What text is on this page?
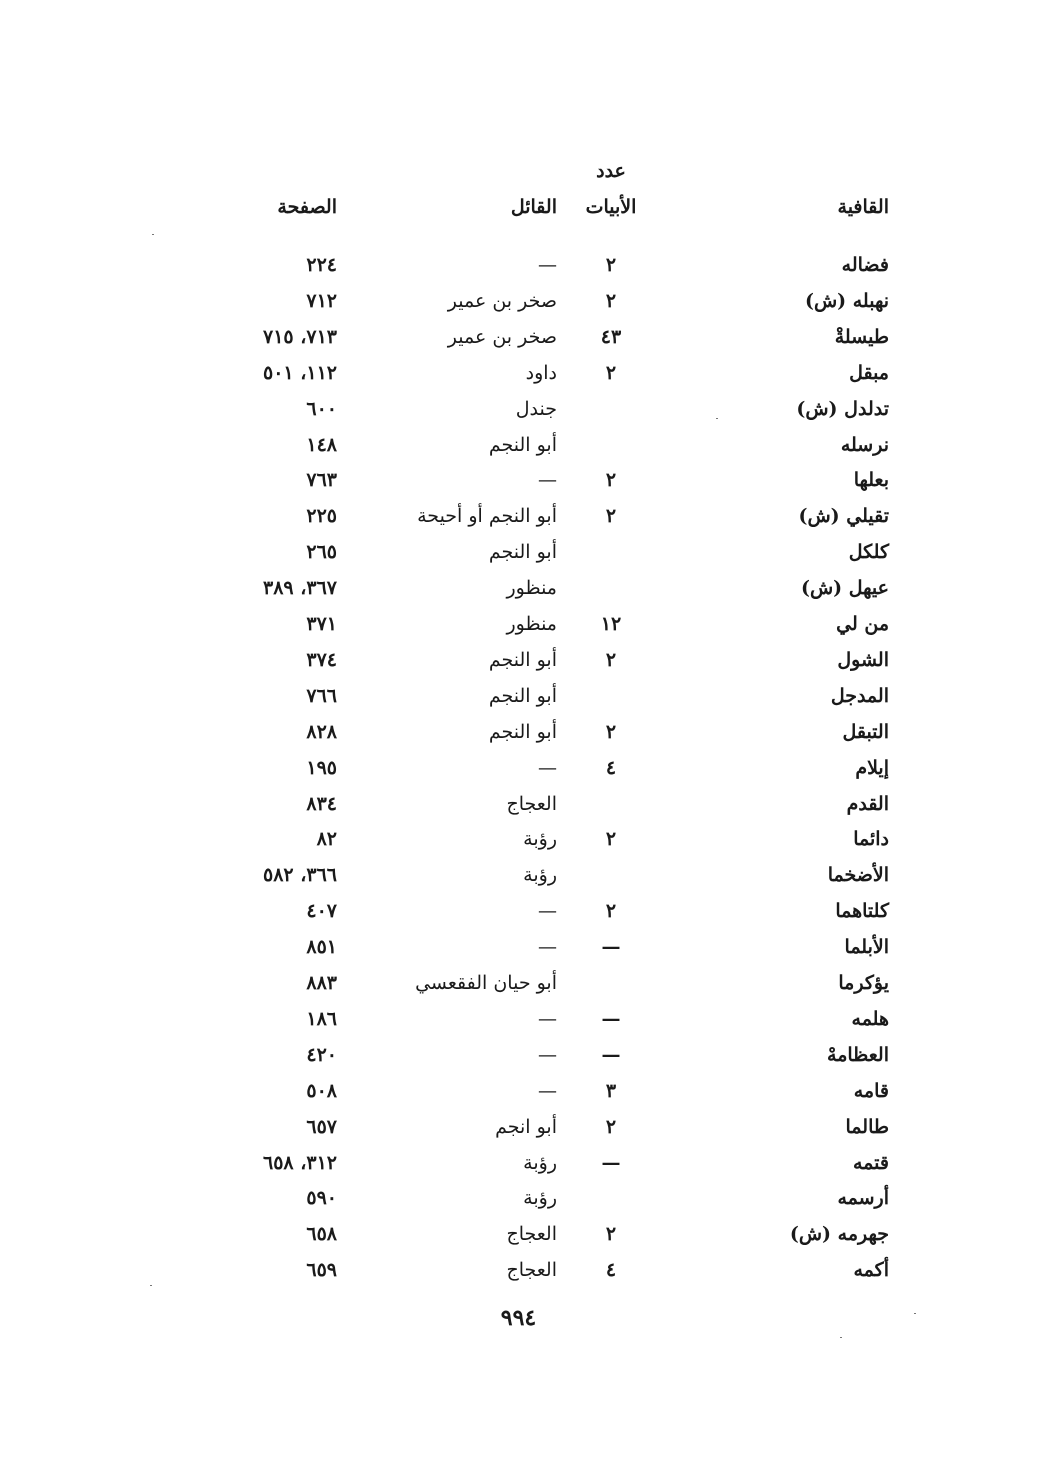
عدد
القافية
الأبيات
القائل
الصفحة
فضاله
٢
—
٢٢٤
نهبله (ش)
٢
صخر بن عمير
٧١٢
طيسلةْ
٤٣
صخر بن عمير
٧١٣، ٧١٥
مبقل
٢
داود
١١٢، ٥٠١
تدلدل (ش)
جندل
٦٠٠
نرسله
أبو النجم
١٤٨
بعلها
٢
—
٧٦٣
تقيلي (ش)
٢
أبو النجم أو أحيحة
٢٢٥
كلكل
أبو النجم
٢٦٥
عيهل (ش)
منظور
٣٦٧، ٣٨٩
من لي
١٢
منظور
٣٧١
الشول
٢
أبو النجم
٣٧٤
المدجل
أبو النجم
٧٦٦
التبقل
٢
أبو النجم
٨٢٨
إيلام
٤
—
١٩٥
القدم
العجاج
٨٣٤
دائما
٢
رؤبة
٨٢
الأضخما
رؤبة
٣٦٦، ٥٨٢
كلتاهما
٢
—
٤٠٧
الأبلما
—
—
٨٥١
يؤكرما
أبو حيان الفقعسي
٨٨٣
هلمه
—
—
١٨٦
العظامهْ
—
—
٤٢٠
قامه
٣
—
٥٠٨
طالما
٢
أبو انجم
٦٥٧
قتمه
—
رؤبة
٣١٢، ٦٥٨
أرسمه
رؤبة
٥٩٠
جهرمه (ش)
٢
العجاج
٦٥٨
أكمه
٤
العجاج
٦٥٩
٩٩٤
